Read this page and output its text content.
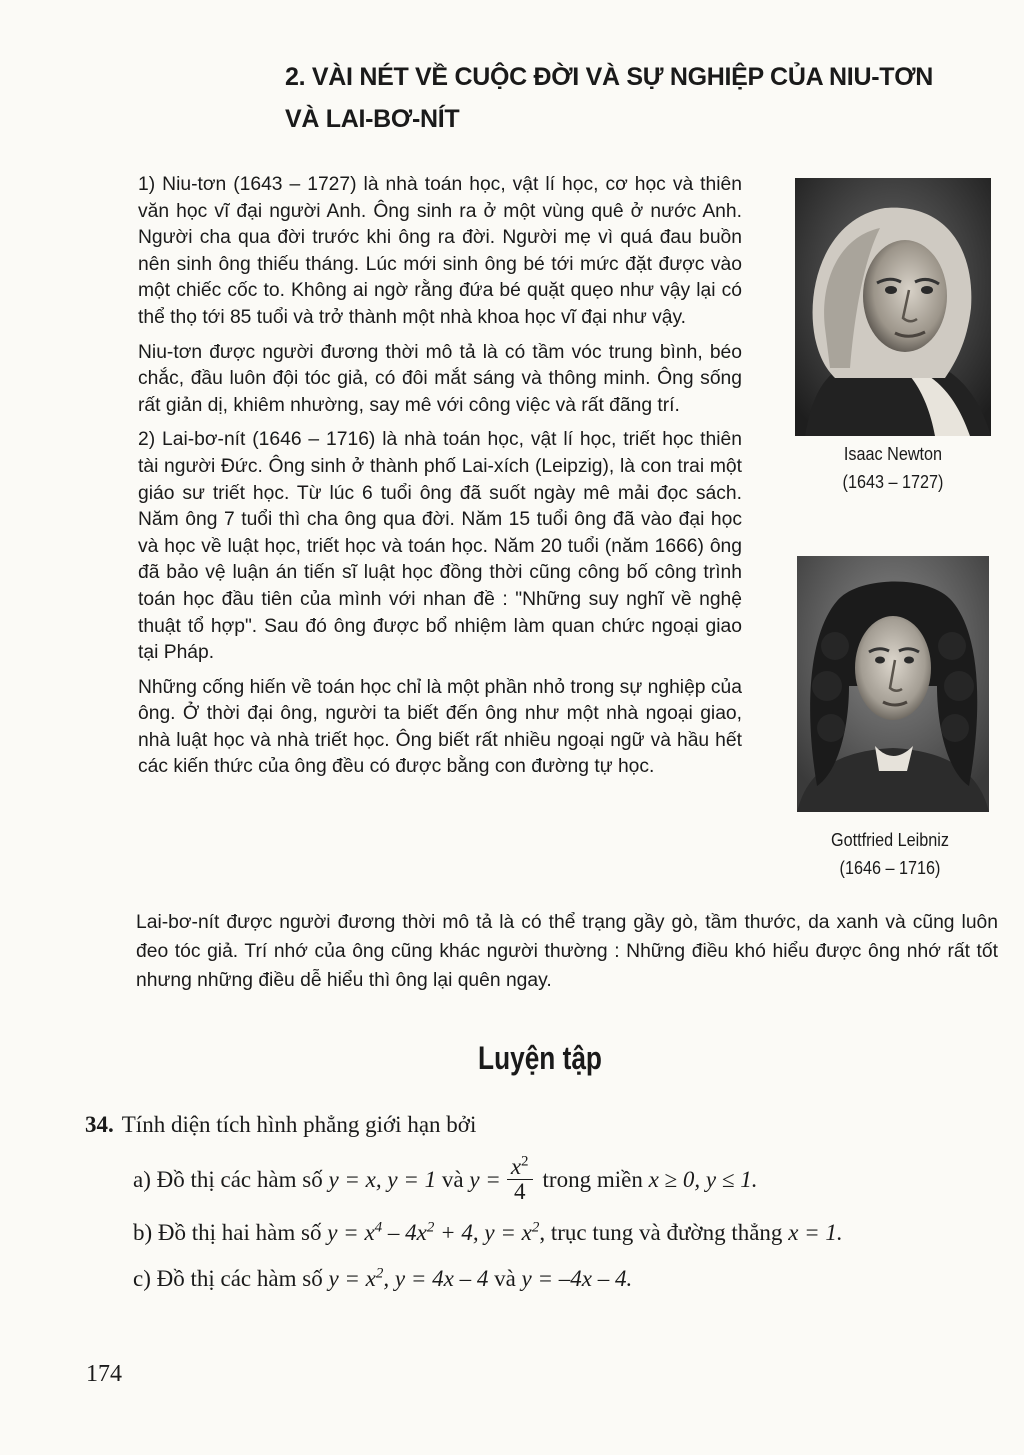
2. VÀI NÉT VỀ CUỘC ĐỜI VÀ SỰ NGHIỆP CỦA NIU-TƠN
VÀ LAI-BƠ-NÍT

1) Niu-tơn (1643 – 1727) là nhà toán học, vật lí học, cơ học và thiên văn học vĩ đại người Anh. Ông sinh ra ở một vùng quê ở nước Anh. Người cha qua đời trước khi ông ra đời. Người mẹ vì quá đau buồn nên sinh ông thiếu tháng. Lúc mới sinh ông bé tới mức đặt được vào một chiếc cốc to. Không ai ngờ rằng đứa bé quặt quẹo như vậy lại có thể thọ tới 85 tuổi và trở thành một nhà khoa học vĩ đại như vậy.

Niu-tơn được người đương thời mô tả là có tầm vóc trung bình, béo chắc, đầu luôn đội tóc giả, có đôi mắt sáng và thông minh. Ông sống rất giản dị, khiêm nhường, say mê với công việc và rất đãng trí.

2) Lai-bơ-nít (1646 – 1716) là nhà toán học, vật lí học, triết học thiên tài người Đức. Ông sinh ở thành phố Lai-xích (Leipzig), là con trai một giáo sư triết học. Từ lúc 6 tuổi ông đã suốt ngày mê mải đọc sách. Năm ông 7 tuổi thì cha ông qua đời. Năm 15 tuổi ông đã vào đại học và học về luật học, triết học và toán học. Năm 20 tuổi (năm 1666) ông đã bảo vệ luận án tiến sĩ luật học đồng thời cũng công bố công trình toán học đầu tiên của mình với nhan đề : "Những suy nghĩ về nghệ thuật tổ hợp". Sau đó ông được bổ nhiệm làm quan chức ngoại giao tại Pháp.

Những cống hiến về toán học chỉ là một phần nhỏ trong sự nghiệp của ông. Ở thời đại ông, người ta biết đến ông như một nhà ngoại giao, nhà luật học và nhà triết học. Ông biết rất nhiều ngoại ngữ và hầu hết các kiến thức của ông đều có được bằng con đường tự học.

Lai-bơ-nít được người đương thời mô tả là có thể trạng gầy gò, tầm thước, da xanh và cũng luôn đeo tóc giả. Trí nhớ của ông cũng khác người thường : Những điều khó hiểu được ông nhớ rất tốt nhưng những điều dễ hiểu thì ông lại quên ngay.

Isaac Newton
(1643 – 1727)
Gottfried Leibniz
(1646 – 1716)
Luyện tập
34. Tính diện tích hình phẳng giới hạn bởi
a)
Đồ thị các hàm số
y = x, y = 1
và
$y = \frac{x^2}{4}$ trong miền
x ≥ 0, y ≤ 1.
b) Đồ thị hai hàm số $y = x^4 - 4x^2 + 4$, $y = x^2$, trục tung và đường thẳng x = 1.
c) Đồ thị các hàm số $y = x^2$, y = 4x – 4 và y = –4x – 4.
174
